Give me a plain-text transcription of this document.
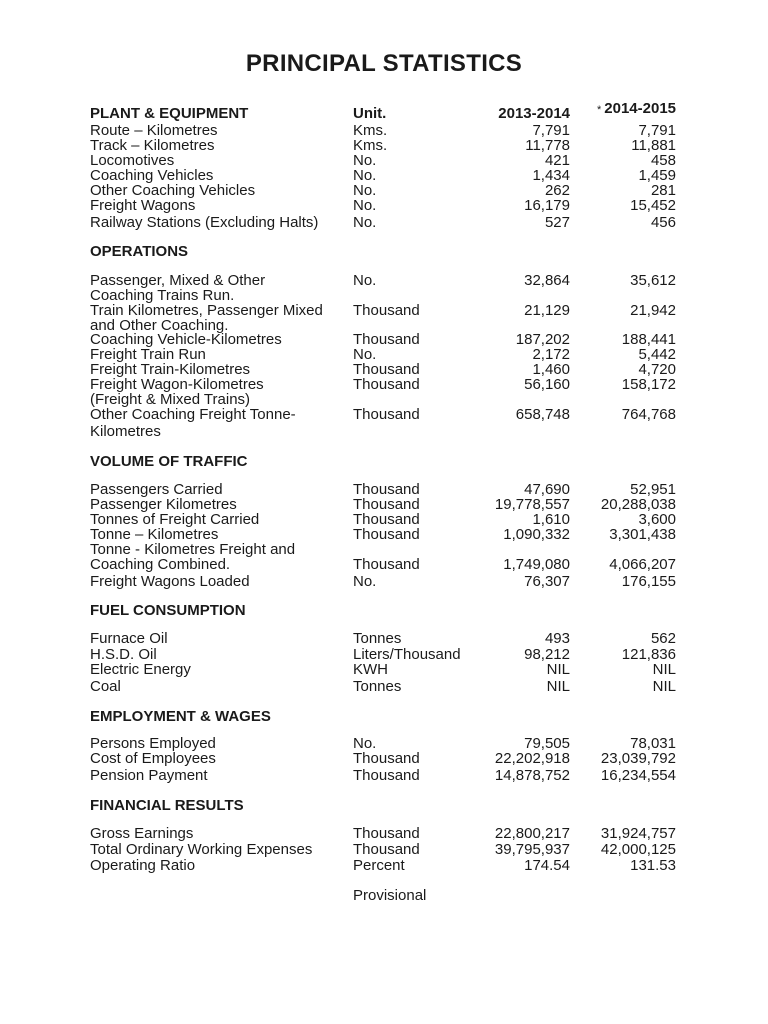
PRINCIPAL STATISTICS
PLANT & EQUIPMENT	Unit.	2013-2014 * 2014-2015
Route – Kilometres	Kms.	7,791	7,791
Track – Kilometres	Kms.	11,778	11,881
Locomotives	No.	421	458
Coaching Vehicles	No.	1,434	1,459
Other Coaching Vehicles	No.	262	281
Freight Wagons	No.	16,179	15,452
Railway Stations (Excluding Halts) No.	527	456
OPERATIONS
Passenger, Mixed & Other	No.	32,864	35,612
Coaching Trains Run.
Train Kilometres, Passenger Mixed Thousand	21,129	21,942
and Other Coaching.
Coaching Vehicle-Kilometres	Thousand	187,202	188,441
Freight Train Run	No.	2,172	5,442
Freight Train-Kilometres	Thousand	1,460	4,720
Freight Wagon-Kilometres	Thousand	56,160	158,172
(Freight & Mixed Trains)
Other Coaching Freight Tonne-	Thousand	658,748	764,768
Kilometres
VOLUME OF TRAFFIC
Passengers Carried	Thousand	47,690	52,951
Passenger Kilometres	Thousand	19,778,557 20,288,038
Tonnes of Freight Carried	Thousand	1,610	3,600
Tonne – Kilometres	Thousand	1,090,332	3,301,438
Tonne - Kilometres Freight and
Coaching Combined.	Thousand	1,749,080	4,066,207
Freight Wagons Loaded	No.	76,307	176,155
FUEL CONSUMPTION
Furnace Oil	Tonnes	493	562
H.S.D. Oil	Liters/Thousand	98,212	121,836
Electric Energy	KWH	NIL	NIL
Coal	Tonnes	NIL	NIL
EMPLOYMENT & WAGES
Persons Employed	No.	79,505	78,031
Cost of Employees	Thousand	22,202,918 23,039,792
Pension Payment	Thousand	14,878,752 16,234,554
FINANCIAL RESULTS
Gross Earnings	Thousand	22,800,217 31,924,757
Total Ordinary Working Expenses	Thousand	39,795,937 42,000,125
Operating Ratio	Percent	174.54	131.53
Provisional
